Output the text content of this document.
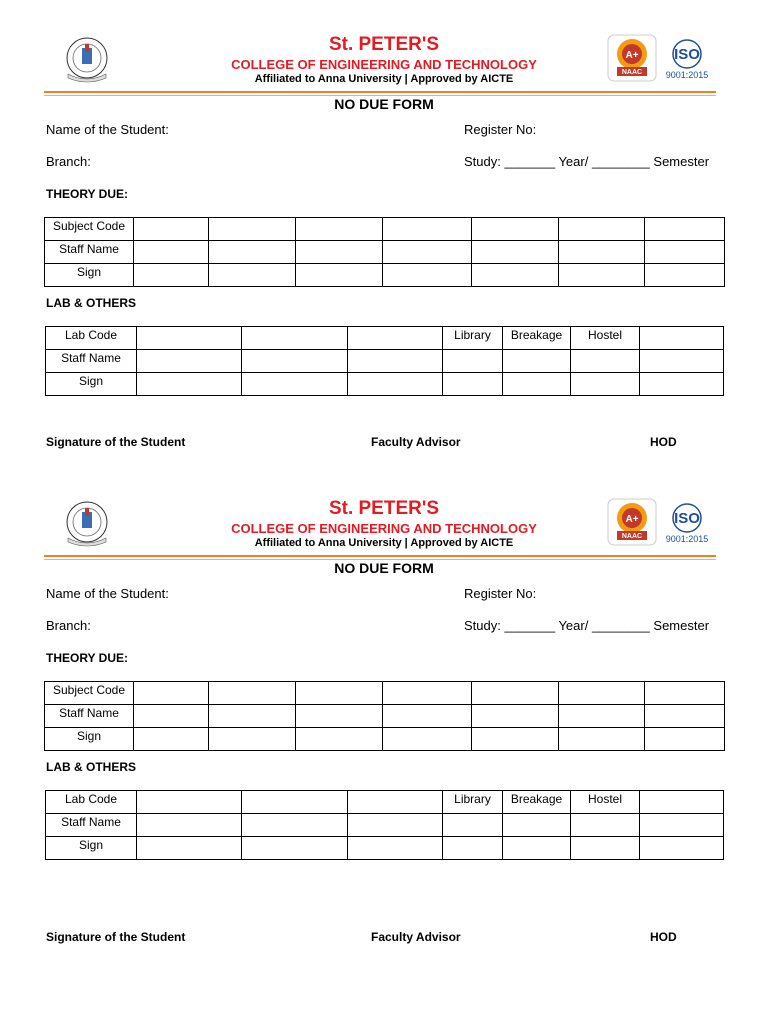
St. PETER'S
COLLEGE OF ENGINEERING AND TECHNOLOGY
Affiliated to Anna University | Approved by AICTE
A+
NAAC
ISO
9001:2015
NO DUE FORM
Name of the Student:	Register No:
Branch:	Study: _______ Year/ ________ Semester
THEORY DUE:
Subject Code							
Staff Name							
Sign							
LAB & OTHERS
Lab Code				Library	Breakage	Hostel	
Staff Name							
Sign							
Signature of the Student	Faculty Advisor	HOD
St. PETER'S
COLLEGE OF ENGINEERING AND TECHNOLOGY
Affiliated to Anna University | Approved by AICTE
A+
NAAC
ISO
9001:2015
NO DUE FORM
Name of the Student:	Register No:
Branch:	Study: _______ Year/ ________ Semester
THEORY DUE:
Subject Code							
Staff Name							
Sign							
LAB & OTHERS
Lab Code				Library	Breakage	Hostel	
Staff Name							
Sign							
Signature of the Student	Faculty Advisor	HOD
